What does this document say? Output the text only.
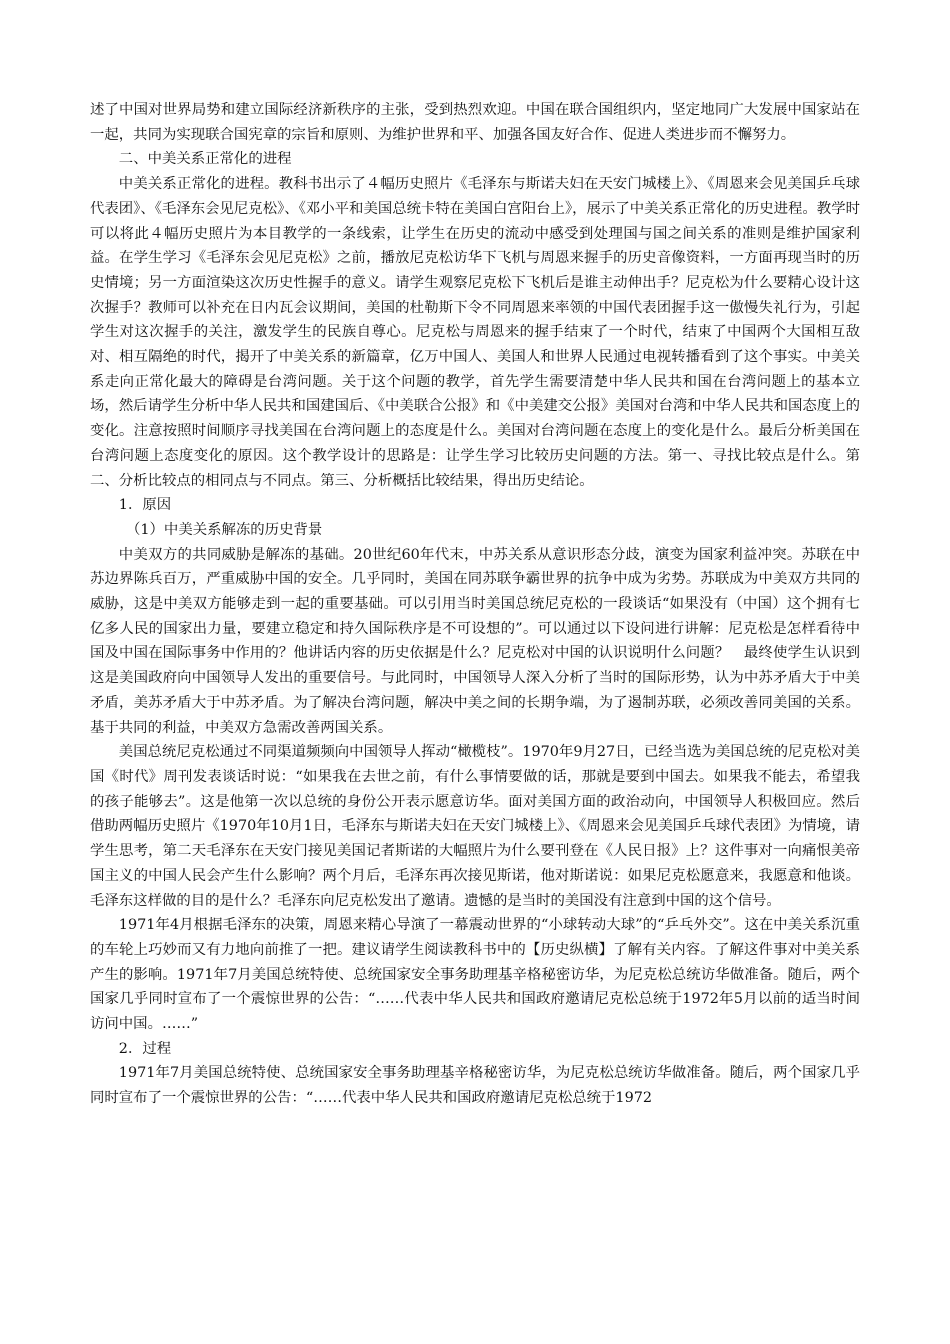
述了中国对世界局势和建立国际经济新秩序的主张，受到热烈欢迎。中国在联合国组织内，坚定地同广大发展中国家站在一起，共同为实现联合国宪章的宗旨和原则、为维护世界和平、加强各国友好合作、促进人类进步而不懈努力。

二、中美关系正常化的进程

中美关系正常化的进程。教科书出示了４幅历史照片《毛泽东与斯诺夫妇在天安门城楼上》、《周恩来会见美国乒乓球代表团》、《毛泽东会见尼克松》、《邓小平和美国总统卡特在美国白宫阳台上》，展示了中美关系正常化的历史进程。教学时可以将此４幅历史照片为本目教学的一条线索，让学生在历史的流动中感受到处理国与国之间关系的准则是维护国家利益。在学生学习《毛泽东会见尼克松》之前，播放尼克松访华下飞机与周恩来握手的历史音像资料，一方面再现当时的历史情境；另一方面渲染这次历史性握手的意义。请学生观察尼克松下飞机后是谁主动伸出手？尼克松为什么要精心设计这次握手？教师可以补充在日内瓦会议期间，美国的杜勒斯下令不同周恩来率领的中国代表团握手这一傲慢失礼行为，引起学生对这次握手的关注，激发学生的民族自尊心。尼克松与周恩来的握手结束了一个时代，结束了中国两个大国相互敌对、相互隔绝的时代，揭开了中美关系的新篇章，亿万中国人、美国人和世界人民通过电视转播看到了这个事实。中美关系走向正常化最大的障碍是台湾问题。关于这个问题的教学，首先学生需要清楚中华人民共和国在台湾问题上的基本立场，然后请学生分析中华人民共和国建国后、《中美联合公报》和《中美建交公报》美国对台湾和中华人民共和国态度上的变化。注意按照时间顺序寻找美国在台湾问题上的态度是什么。美国对台湾问题在态度上的变化是什么。最后分析美国在台湾问题上态度变化的原因。这个教学设计的思路是：让学生学习比较历史问题的方法。第一、寻找比较点是什么。第二、分析比较点的相同点与不同点。第三、分析概括比较结果，得出历史结论。

1．原因

（1）中美关系解冻的历史背景

中美双方的共同威胁是解冻的基础。20世纪60年代末，中苏关系从意识形态分歧，演变为国家利益冲突。苏联在中苏边界陈兵百万，严重威胁中国的安全。几乎同时，美国在同苏联争霸世界的抗争中成为劣势。苏联成为中美双方共同的威胁，这是中美双方能够走到一起的重要基础。可以引用当时美国总统尼克松的一段谈话“如果没有（中国）这个拥有七亿多人民的国家出力量，要建立稳定和持久国际秩序是不可设想的”。可以通过以下设问进行讲解：尼克松是怎样看待中国及中国在国际事务中作用的？他讲话内容的历史依据是什么？尼克松对中国的认识说明什么问题？　最终使学生认识到这是美国政府向中国领导人发出的重要信号。与此同时，中国领导人深入分析了当时的国际形势，认为中苏矛盾大于中美矛盾，美苏矛盾大于中苏矛盾。为了解决台湾问题，解决中美之间的长期争端，为了遏制苏联，必须改善同美国的关系。基于共同的利益，中美双方急需改善两国关系。

美国总统尼克松通过不同渠道频频向中国领导人挥动“橄榄枝”。1970年9月27日，已经当选为美国总统的尼克松对美国《时代》周刊发表谈话时说：“如果我在去世之前，有什么事情要做的话，那就是要到中国去。如果我不能去，希望我的孩子能够去”。这是他第一次以总统的身份公开表示愿意访华。面对美国方面的政治动向，中国领导人积极回应。然后借助两幅历史照片《1970年10月1日，毛泽东与斯诺夫妇在天安门城楼上》、《周恩来会见美国乒乓球代表团》为情境，请学生思考，第二天毛泽东在天安门接见美国记者斯诺的大幅照片为什么要刊登在《人民日报》上？这件事对一向痛恨美帝国主义的中国人民会产生什么影响？两个月后，毛泽东再次接见斯诺，他对斯诺说：如果尼克松愿意来，我愿意和他谈。毛泽东这样做的目的是什么？毛泽东向尼克松发出了邀请。遗憾的是当时的美国没有注意到中国的这个信号。

1971年4月根据毛泽东的决策，周恩来精心导演了一幕震动世界的“小球转动大球”的“乒乓外交”。这在中美关系沉重的车轮上巧妙而又有力地向前推了一把。建议请学生阅读教科书中的【历史纵横】了解有关内容。了解这件事对中美关系产生的影响。1971年7月美国总统特使、总统国家安全事务助理基辛格秘密访华，为尼克松总统访华做准备。随后，两个国家几乎同时宣布了一个震惊世界的公告：“……代表中华人民共和国政府邀请尼克松总统于1972年5月以前的适当时间访问中国。……”

2．过程

1971年7月美国总统特使、总统国家安全事务助理基辛格秘密访华，为尼克松总统访华做准备。随后，两个国家几乎同时宣布了一个震惊世界的公告：“……代表中华人民共和国政府邀请尼克松总统于1972
